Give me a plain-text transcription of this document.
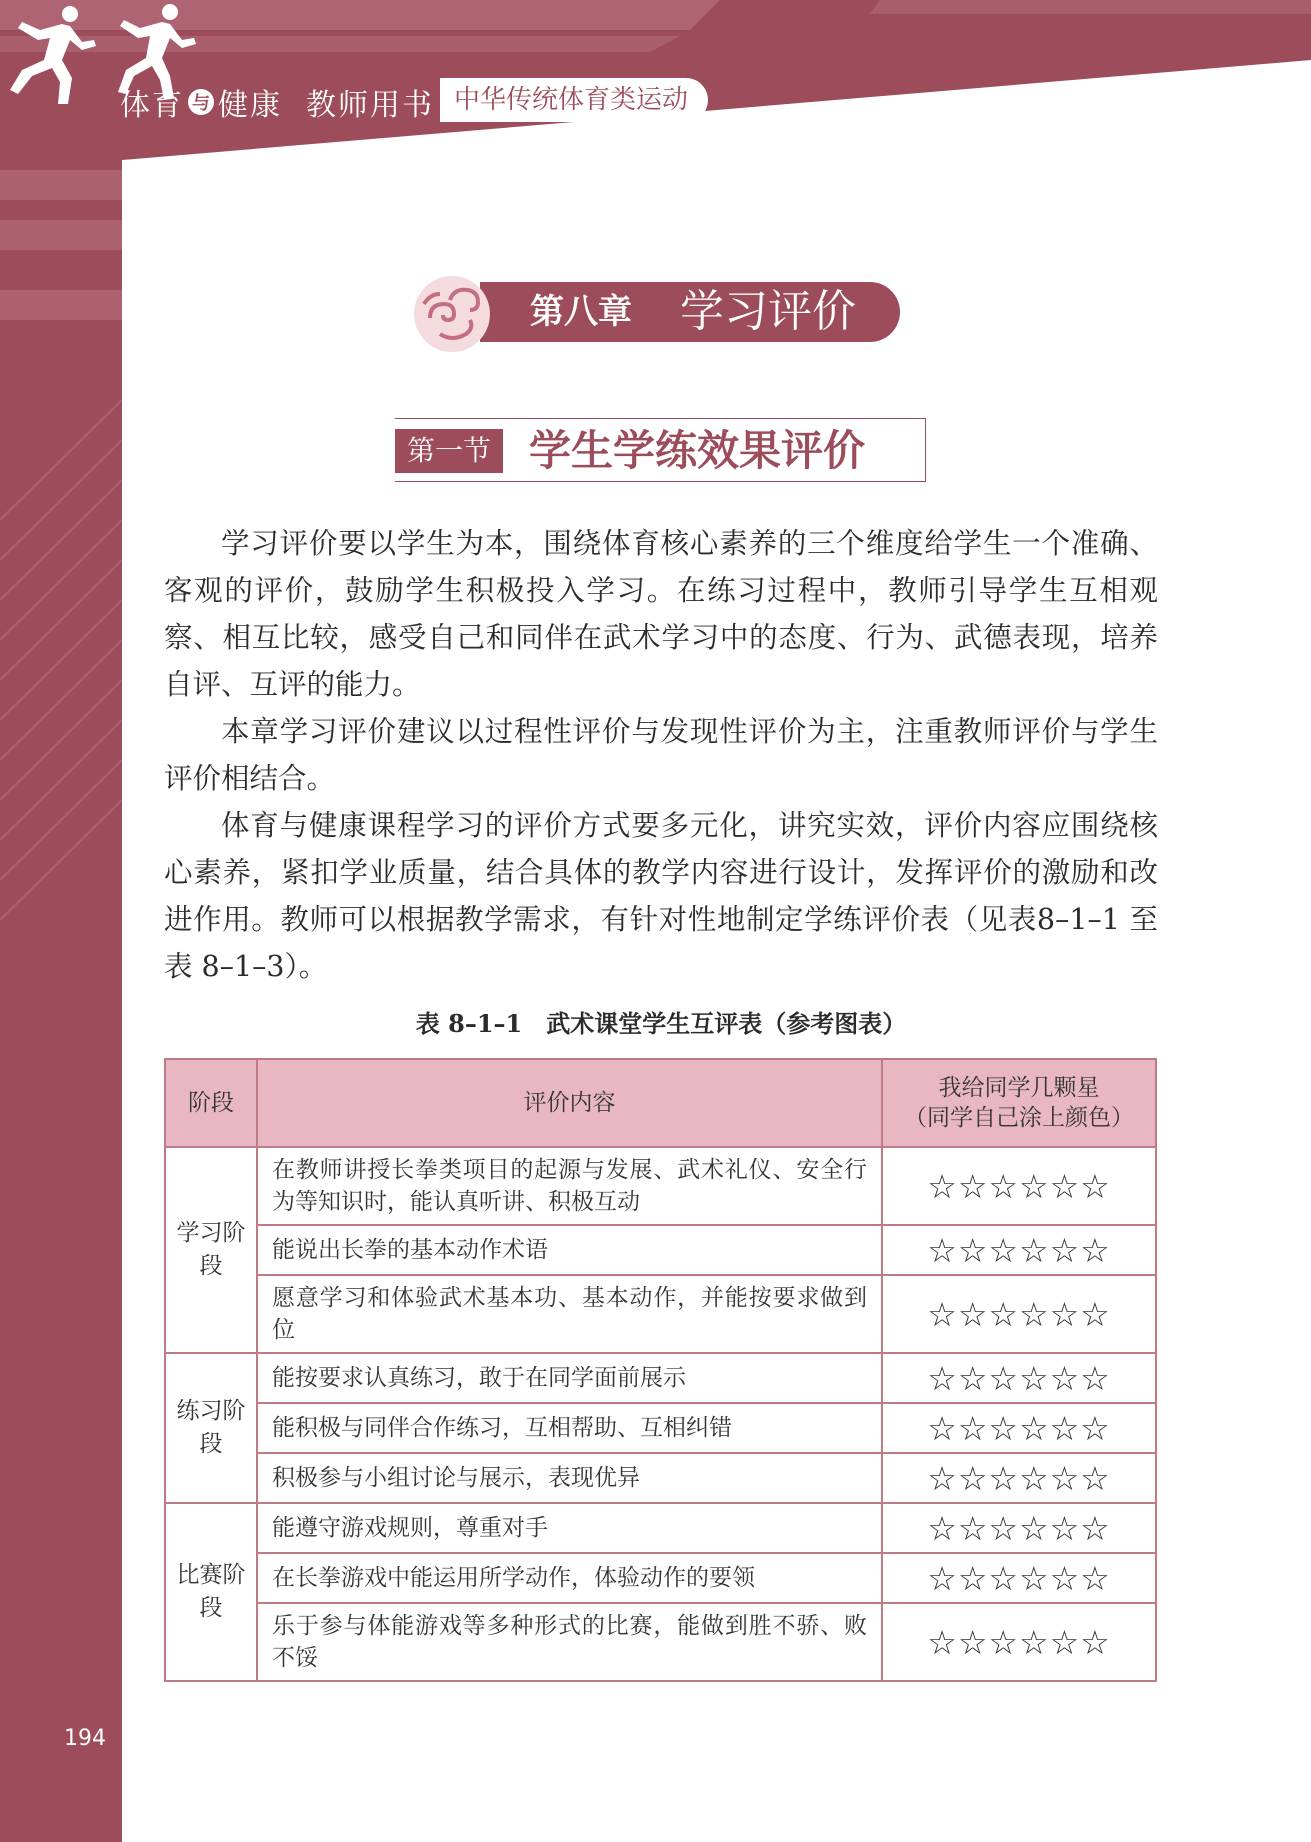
体育 与 健康 教师用书 中华传统体育类运动
第八章 学习评价
第一节 学生学练效果评价

学习评价要以学生为本，围绕体育核心素养的三个维度给学生一个准确、客观的评价，鼓励学生积极投入学习。在练习过程中，教师引导学生互相观察、相互比较，感受自己和同伴在武术学习中的态度、行为、武德表现，培养自评、互评的能力。

本章学习评价建议以过程性评价与发现性评价为主，注重教师评价与学生评价相结合。

体育与健康课程学习的评价方式要多元化，讲究实效，评价内容应围绕核心素养，紧扣学业质量，结合具体的教学内容进行设计，发挥评价的激励和改进作用。教师可以根据教学需求，有针对性地制定学练评价表（见表8–1–1 至表 8–1–3）。

表 8–1–1　武术课堂学生互评表（参考图表）
阶段	评价内容	我给同学几颗星
（同学自己涂上颜色）
学习阶段	在教师讲授长拳类项目的起源与发展、武术礼仪、安全行为等知识时，能认真听讲、积极互动	☆☆☆☆☆☆
	能说出长拳的基本动作术语	☆☆☆☆☆☆
	愿意学习和体验武术基本功、基本动作，并能按要求做到位	☆☆☆☆☆☆
练习阶段	能按要求认真练习，敢于在同学面前展示	☆☆☆☆☆☆
	能积极与同伴合作练习，互相帮助、互相纠错	☆☆☆☆☆☆
	积极参与小组讨论与展示，表现优异	☆☆☆☆☆☆
比赛阶段	能遵守游戏规则，尊重对手	☆☆☆☆☆☆
	在长拳游戏中能运用所学动作，体验动作的要领	☆☆☆☆☆☆
	乐于参与体能游戏等多种形式的比赛，能做到胜不骄、败不馁	☆☆☆☆☆☆
194
